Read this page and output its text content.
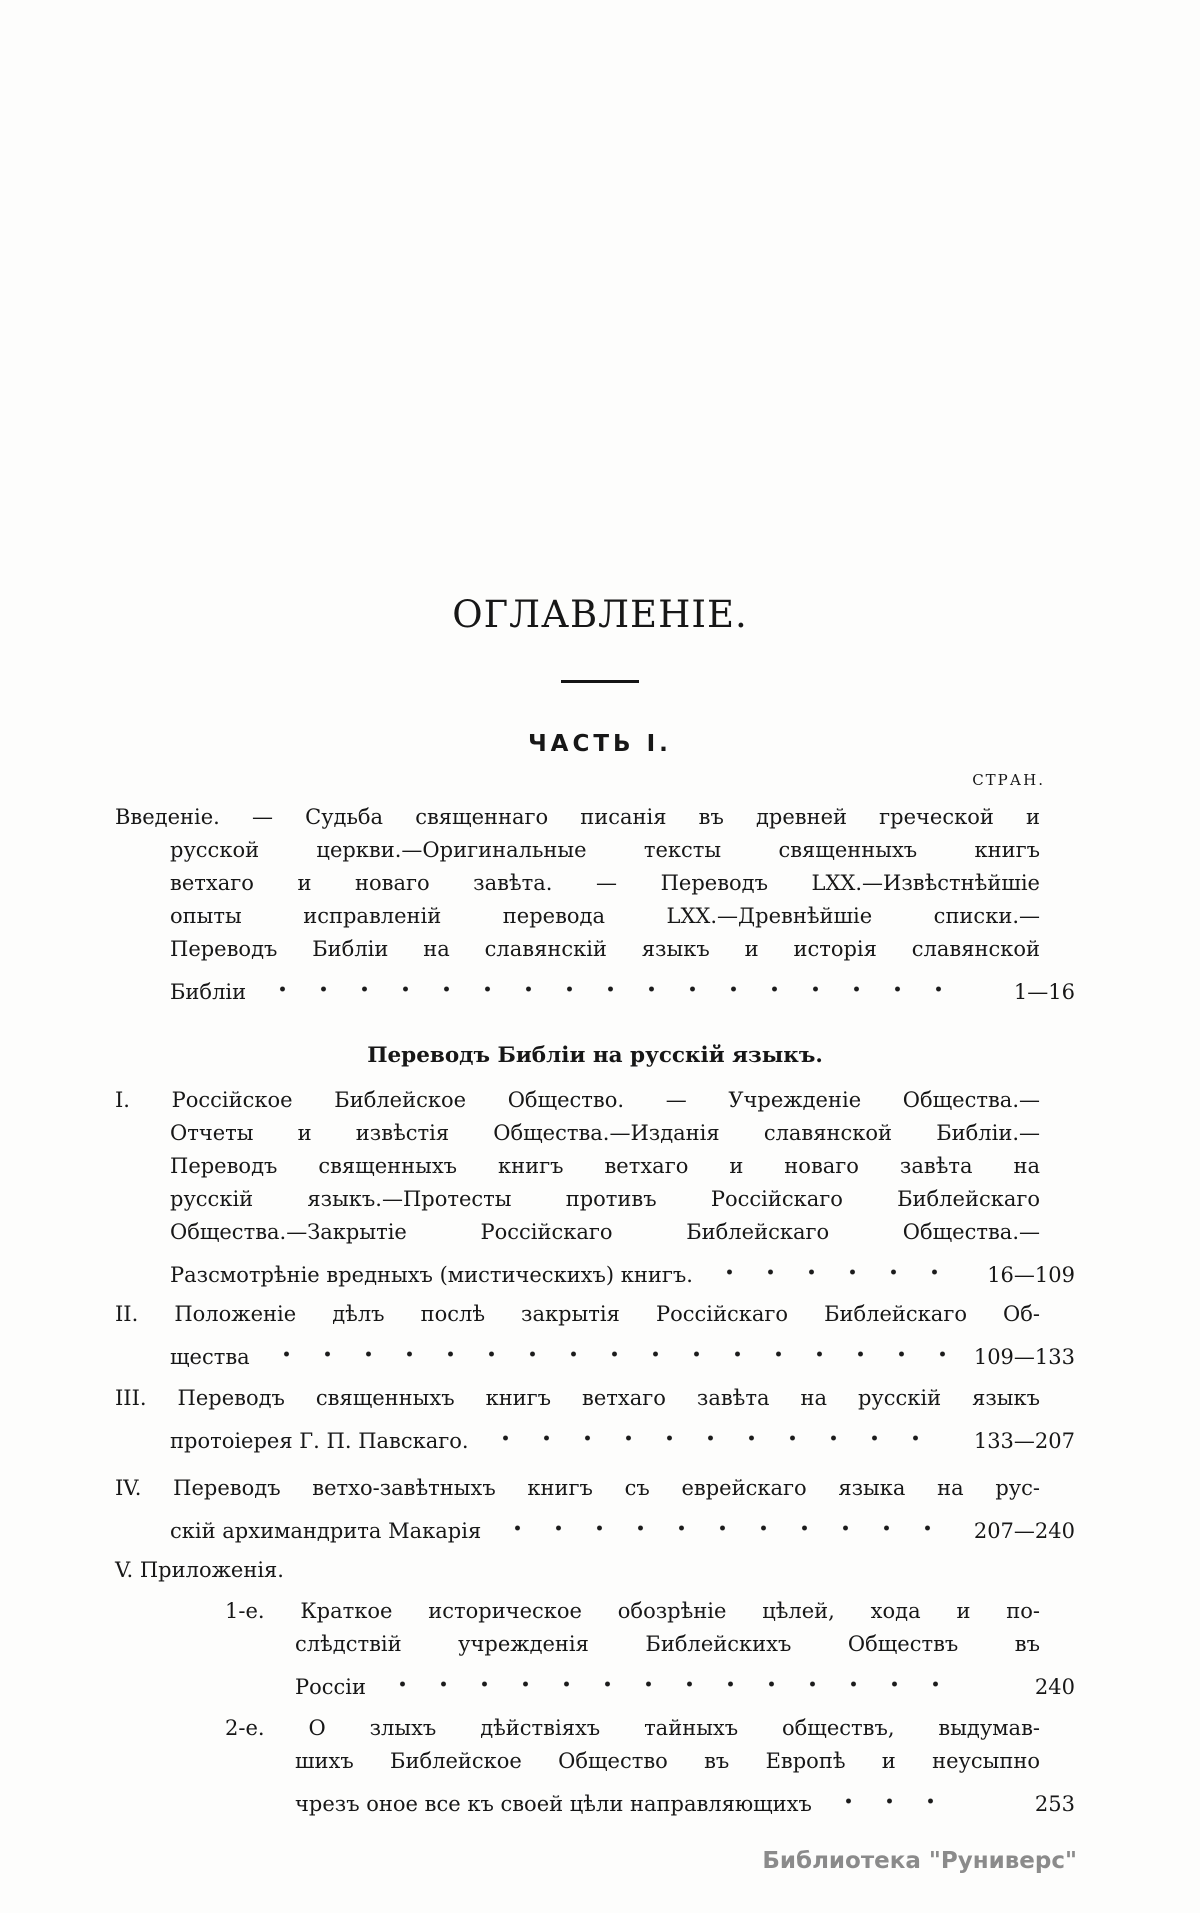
ОГЛАВЛЕНІЕ.
ЧАСТЬ I.
СТРАН.
Введеніе. — Судьба священнаго писанія въ древней греческой и
русской церкви.—Оригинальные тексты священныхъ книгъ
ветхаго и новаго завѣта. — Переводъ LXX.—Извѣстнѣйшіе
опыты исправленій перевода LXX.—Древнѣйшіе списки.—
Переводъ Библіи на славянскій языкъ и исторія славянской
Библіи	1—16
Переводъ Библіи на русскій языкъ.
I. Россійское Библейское Общество. — Учрежденіе Общества.—
Отчеты и извѣстія Общества.—Изданія славянской Библіи.—
Переводъ священныхъ книгъ ветхаго и новаго завѣта на
русскій языкъ.—Протесты противъ Россійскаго Библейскаго
Общества.—Закрытіе Россійскаго Библейскаго Общества.—
Разсмотрѣніе вредныхъ (мистическихъ) книгъ.	16—109
II. Положеніе дѣлъ послѣ закрытія Россійскаго Библейскаго Об-
щества	109—133
III. Переводъ священныхъ книгъ ветхаго завѣта на русскій языкъ
протоіерея Г. П. Павскаго.	133—207
IV. Переводъ ветхо-завѣтныхъ книгъ съ еврейскаго языка на рус-
скій архимандрита Макарія	207—240
V. Приложенія.
1-е. Краткое историческое обозрѣніе цѣлей, хода и по-
слѣдствій учрежденія Библейскихъ Обществъ въ
Россіи	240
2-е. О злыхъ дѣйствіяхъ тайныхъ обществъ, выдумав-
шихъ Библейское Общество въ Европѣ и неусыпно
чрезъ оное все къ своей цѣли направляющихъ	253
Библиотека "Руниверс"
